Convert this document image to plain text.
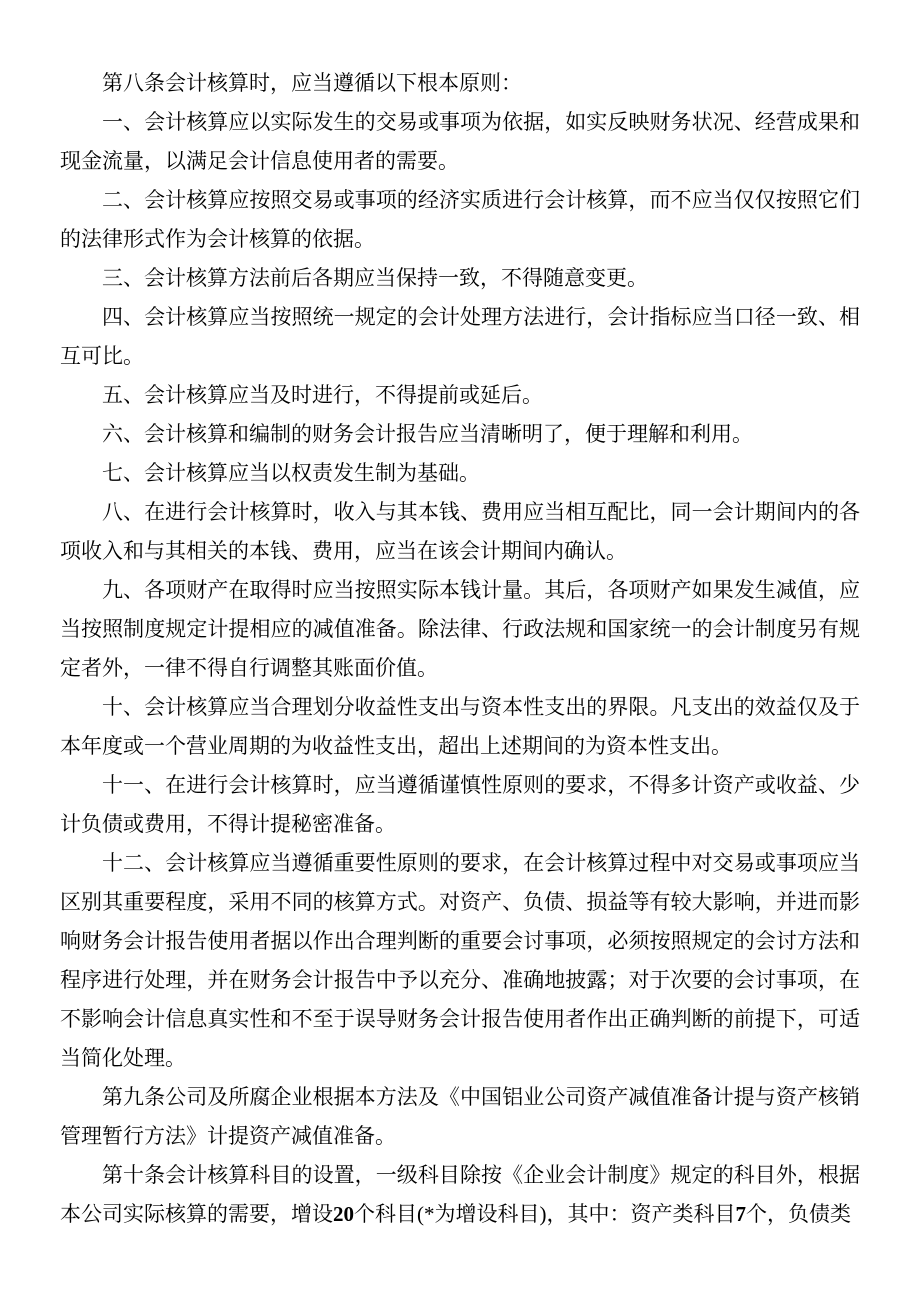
第八条会计核算时，应当遵循以下根本原则：

一、会计核算应以实际发生的交易或事项为依据，如实反映财务状况、经营成果和现金流量，以满足会计信息使用者的需要。

二、会计核算应按照交易或事项的经济实质进行会计核算，而不应当仅仅按照它们的法律形式作为会计核算的依据。

三、会计核算方法前后各期应当保持一致，不得随意变更。

四、会计核算应当按照统一规定的会计处理方法进行，会计指标应当口径一致、相互可比。

五、会计核算应当及时进行，不得提前或延后。

六、会计核算和编制的财务会计报告应当清晰明了，便于理解和利用。

七、会计核算应当以权责发生制为基础。

八、在进行会计核算时，收入与其本钱、费用应当相互配比，同一会计期间内的各项收入和与其相关的本钱、费用，应当在该会计期间内确认。

九、各项财产在取得时应当按照实际本钱计量。其后，各项财产如果发生减值，应当按照制度规定计提相应的减值准备。除法律、行政法规和国家统一的会计制度另有规定者外，一律不得自行调整其账面价值。

十、会计核算应当合理划分收益性支出与资本性支出的界限。凡支出的效益仅及于本年度或一个营业周期的为收益性支出，超出上述期间的为资本性支出。

十一、在进行会计核算时，应当遵循谨慎性原则的要求，不得多计资产或收益、少计负债或费用，不得计提秘密准备。

十二、会计核算应当遵循重要性原则的要求，在会计核算过程中对交易或事项应当区别其重要程度，采用不同的核算方式。对资产、负债、损益等有较大影响，并进而影响财务会计报告使用者据以作出合理判断的重要会讨事项，必须按照规定的会讨方法和程序进行处理，并在财务会计报告中予以充分、准确地披露；对于次要的会讨事项，在不影响会计信息真实性和不至于误导财务会计报告使用者作出正确判断的前提下，可适当简化处理。

第九条公司及所腐企业根据本方法及《中国铝业公司资产减值准备计提与资产核销管理暂行方法》计提资产减值准备。

第十条会计核算科目的设置，一级科目除按《企业会计制度》规定的科目外，根据本公司实际核算的需要，增设20个科目(*为增设科目)，其中：资产类科目7个，负债类
